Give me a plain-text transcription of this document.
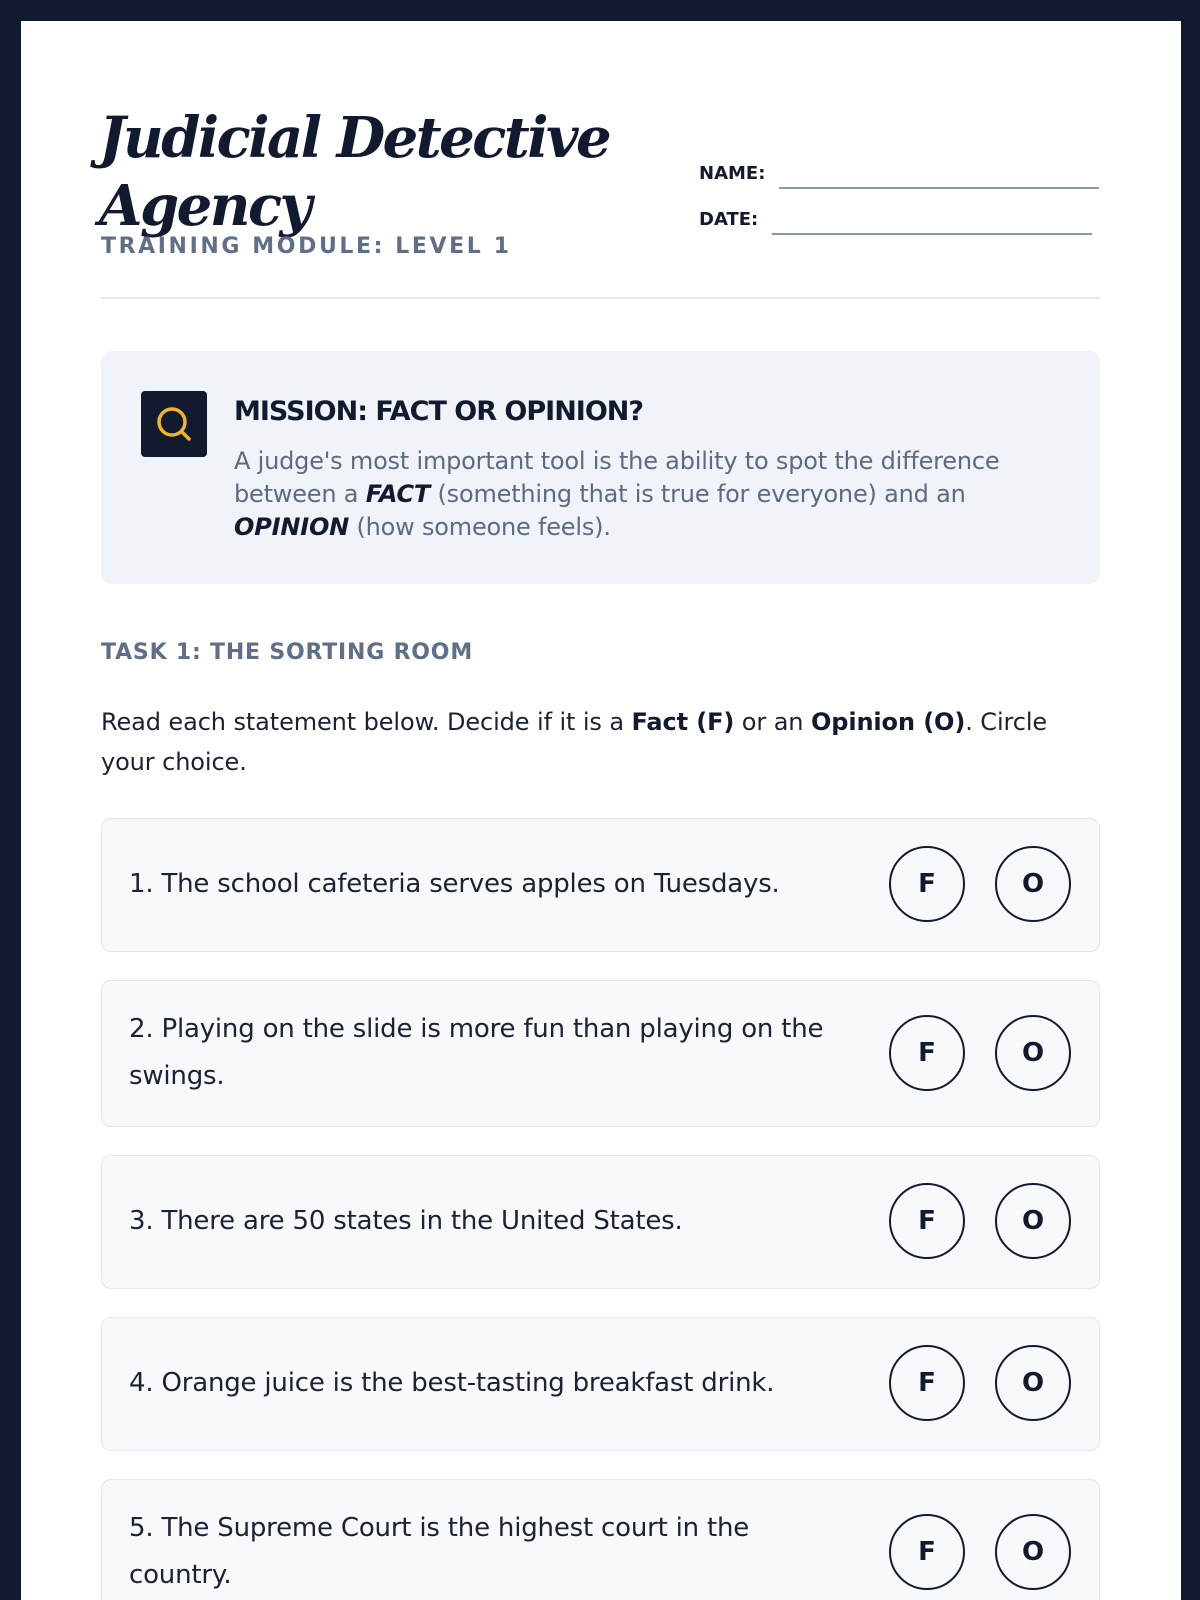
Judicial Detective Agency

TRAINING MODULE: LEVEL 1

NAME:
DATE:
MISSION: FACT OR OPINION?

A judge's most important tool is the ability to spot the difference between a FACT (something that is true for everyone) and an OPINION (how someone feels).

TASK 1: THE SORTING ROOM

Read each statement below. Decide if it is a Fact (F) or an Opinion (O). Circle your choice.

1. The school cafeteria serves apples on Tuesdays.	F	O

2. Playing on the slide is more fun than playing on the swings.

F	O

3. There are 50 states in the United States.	F	O

4. Orange juice is the best-tasting breakfast drink.	F	O

5. The Supreme Court is the highest court in the country.

F	O
